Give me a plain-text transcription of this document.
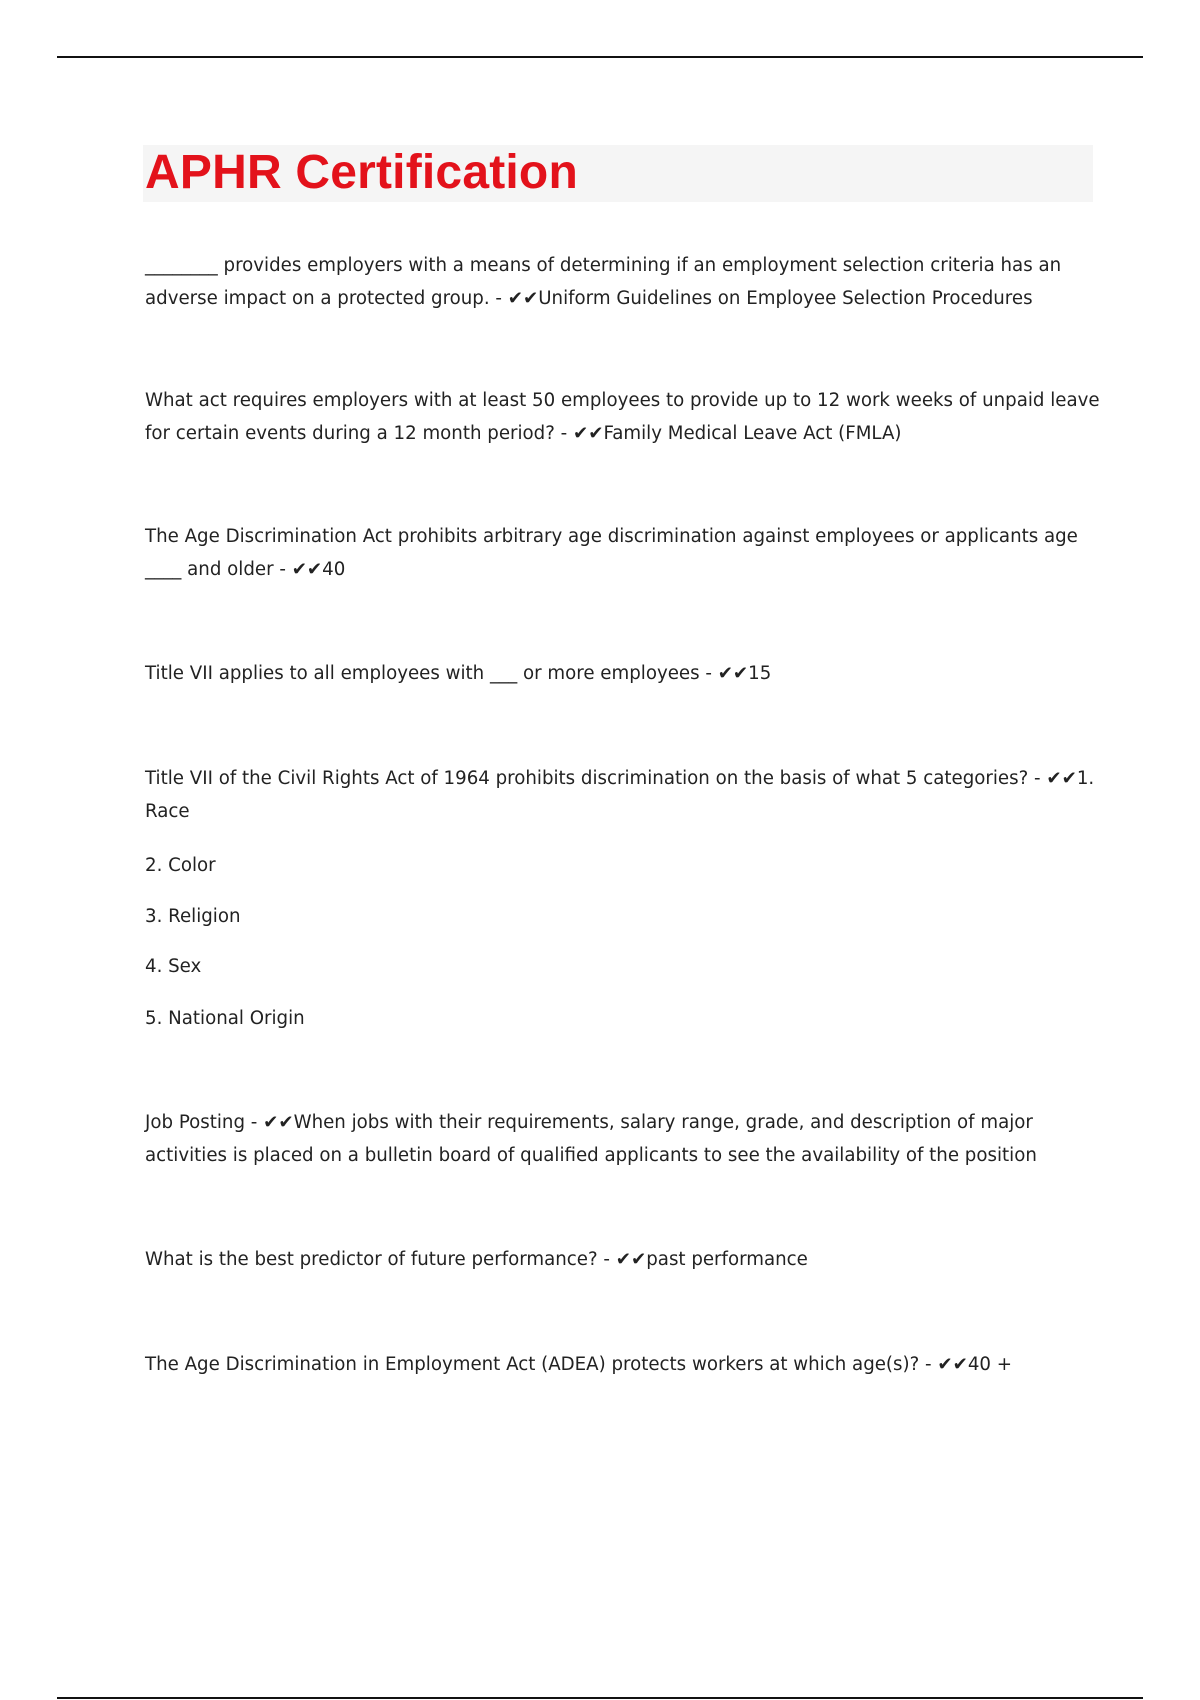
APHR Certification

________ provides employers with a means of determining if an employment selection criteria has an adverse impact on a protected group. - ✔✔Uniform Guidelines on Employee Selection Procedures

What act requires employers with at least 50 employees to provide up to 12 work weeks of unpaid leave for certain events during a 12 month period? - ✔✔Family Medical Leave Act (FMLA)

The Age Discrimination Act prohibits arbitrary age discrimination against employees or applicants age ____ and older - ✔✔40

Title VII applies to all employees with ___ or more employees - ✔✔15

Title VII of the Civil Rights Act of 1964 prohibits discrimination on the basis of what 5 categories? - ✔✔1. Race

2. Color

3. Religion

4. Sex

5. National Origin

Job Posting - ✔✔When jobs with their requirements, salary range, grade, and description of major activities is placed on a bulletin board of qualified applicants to see the availability of the position

What is the best predictor of future performance? - ✔✔past performance

The Age Discrimination in Employment Act (ADEA) protects workers at which age(s)? - ✔✔40 +
